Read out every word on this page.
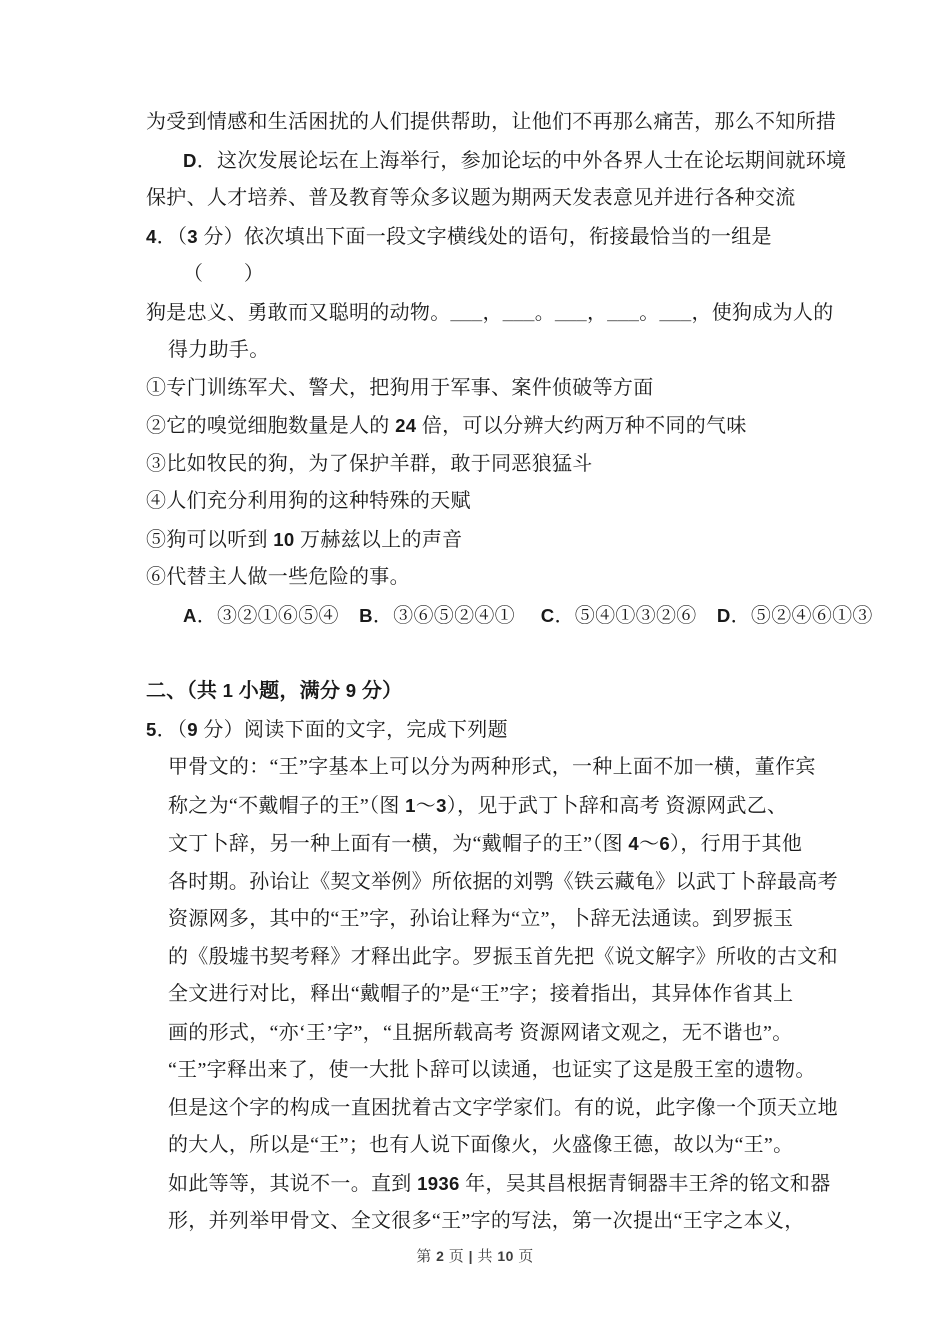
为受到情感和生活困扰的人们提供帮助，让他们不再那么痛苦，那么不知所措
D．这次发展论坛在上海举行，参加论坛的中外各界人士在论坛期间就环境
保护、人才培养、普及教育等众多议题为期两天发表意见并进行各种交流
4．（3 分）依次填出下面一段文字横线处的语句，衔接最恰当的一组是
（　　）
狗是忠义、勇敢而又聪明的动物。___，___。___，___。___，使狗成为人的
得力助手。
①专门训练军犬、警犬，把狗用于军事、案件侦破等方面
②它的嗅觉细胞数量是人的 24 倍，可以分辨大约两万种不同的气味
③比如牧民的狗，为了保护羊群，敢于同恶狼猛斗
④人们充分利用狗的这种特殊的天赋
⑤狗可以听到 10 万赫兹以上的声音
⑥代替主人做一些危险的事。
A．③②①⑥⑤④　B．③⑥⑤②④①　 C．⑤④①③②⑥　D．⑤②④⑥①③
二、（共 1 小题，满分 9 分）
5．（9 分）阅读下面的文字，完成下列题
甲骨文的：“王”字基本上可以分为两种形式，一种上面不加一横，董作宾
称之为“不戴帽子的王”（图 1～3），见于武丁卜辞和高考 资源网武乙、
文丁卜辞，另一种上面有一横，为“戴帽子的王”（图 4～6），行用于其他
各时期。孙诒让《契文举例》所依据的刘鹗《铁云藏龟》以武丁卜辞最高考
资源网多，其中的“王”字，孙诒让释为“立”，卜辞无法通读。到罗振玉
的《殷墟书契考释》才释出此字。罗振玉首先把《说文解字》所收的古文和
全文进行对比，释出“戴帽子的”是“王”字；接着指出，其异体作省其上
画的形式，“亦‘王’字”，“且据所载高考 资源网诸文观之，无不谐也”。
“王”字释出来了，使一大批卜辞可以读通，也证实了这是殷王室的遗物。
但是这个字的构成一直困扰着古文字学家们。有的说，此字像一个顶天立地
的大人，所以是“王”；也有人说下面像火，火盛像王德，故以为“王”。
如此等等，其说不一。直到 1936 年，吴其昌根据青铜器丰王斧的铭文和器
形，并列举甲骨文、全文很多“王”字的写法，第一次提出“王字之本义，
第 2 页 | 共 10 页
